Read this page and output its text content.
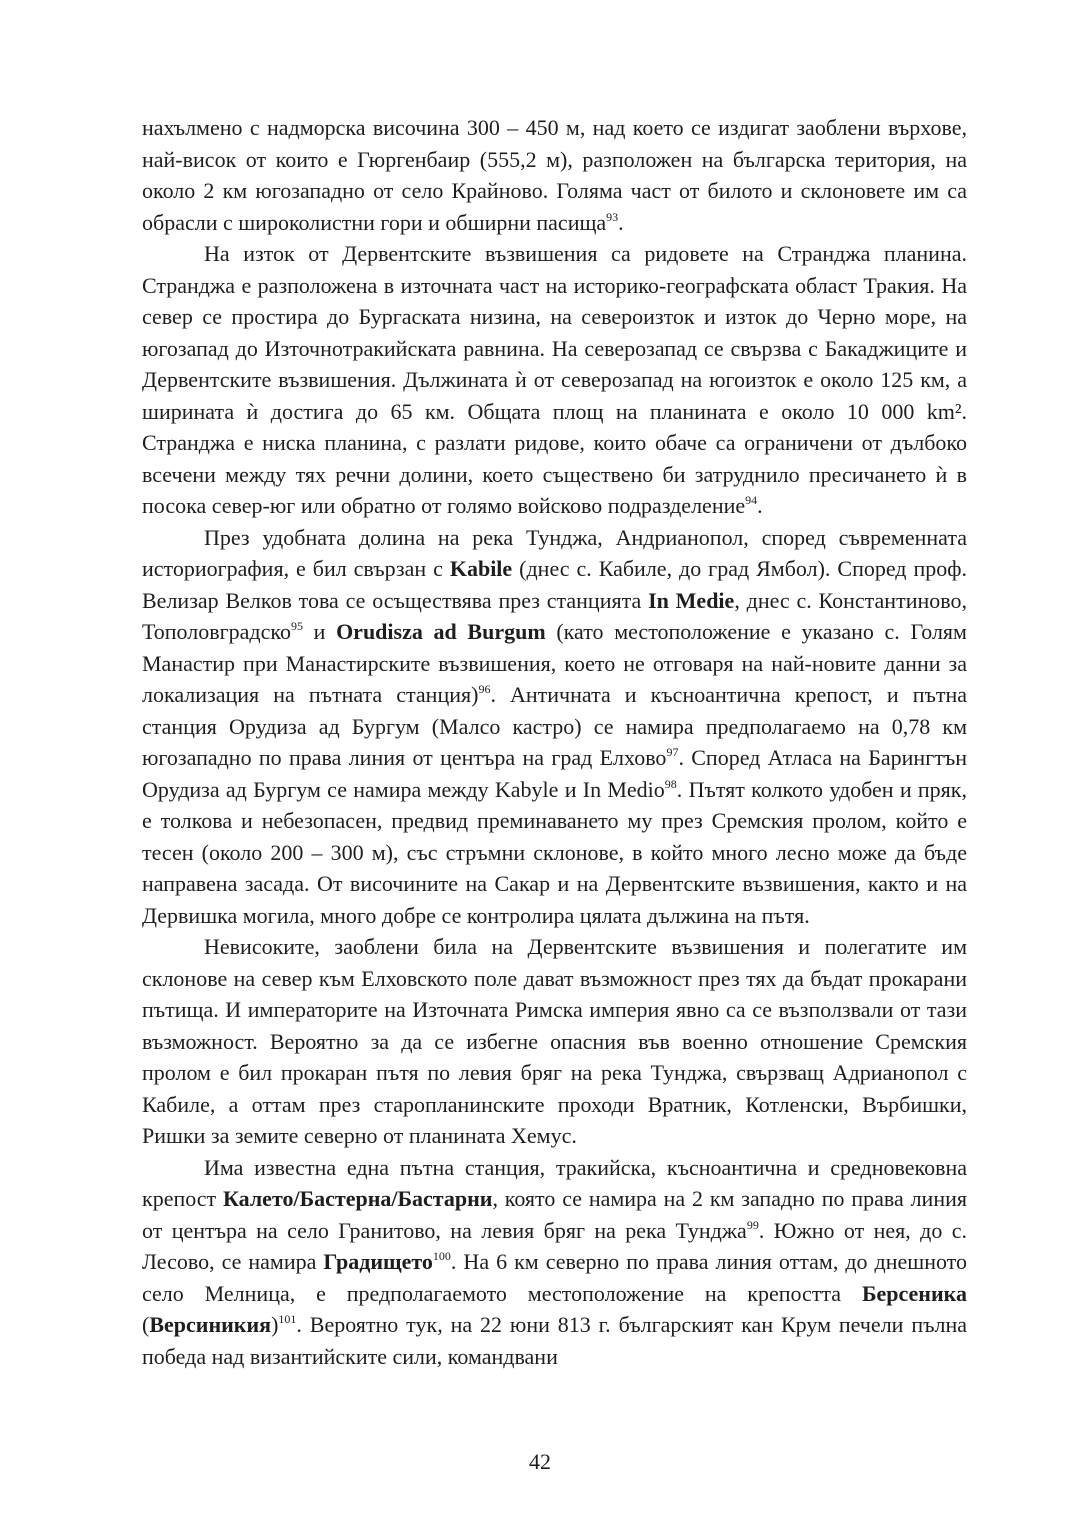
нахълмено с надморска височина 300 – 450 м, над което се издигат заоблени върхове, най-висок от които е Гюргенбаир (555,2 м), разположен на българска територия, на около 2 км югозападно от село Крайново. Голяма част от билото и склоновете им са обрасли с широколистни гори и обширни пасища$^{93}$.

На изток от Дервентските възвишения са ридовете на Странджа планина. Странджа е разположена в източната част на историко-географската област Тракия. На север се простира до Бургаската низина, на североизток и изток до Черно море, на югозапад до Източнотракийската равнина. На северозапад се свързва с Бакаджиците и Дервентските възвишения. Дължината ѝ от северозапад на югоизток е около 125 км, а ширината ѝ достига до 65 км. Общата площ на планината е около 10 000 km². Странджа е ниска планина, с разлати ридове, които обаче са ограничени от дълбоко всечени между тях речни долини, което съществено би затруднило пресичането ѝ в посока север-юг или обратно от голямо войсково подразделение$^{94}$.

През удобната долина на река Тунджа, Андрианопол, според съвременната историография, е бил свързан с Kabile (днес с. Кабиле, до град Ямбол). Според проф. Велизар Велков това се осъществява през станцията In Medie, днес с. Константиново, Тополовградско$^{95}$ и Orudisza ad Burgum (като местоположение е указано с. Голям Манастир при Манастирските възвишения, което не отговаря на най-новите данни за локализация на пътната станция)$^{96}$. Античната и късноантична крепост, и пътна станция Орудиза ад Бургум (Малсо кастро) се намира предполагаемо на 0,78 км югозападно по права линия от центъра на град Елхово$^{97}$. Според Атласа на Барингтън Орудиза ад Бургум се намира между Kabyle и In Medio$^{98}$. Пътят колкото удобен и пряк, е толкова и небезопасен, предвид преминаването му през Сремския пролом, който е тесен (около 200 – 300 м), със стръмни склонове, в който много лесно може да бъде направена засада. От височините на Сакар и на Дервентските възвишения, както и на Дервишка могила, много добре се контролира цялата дължина на пътя.

Невисоките, заоблени била на Дервентските възвишения и полегатите им склонове на север към Елховското поле дават възможност през тях да бъдат прокарани пътища. И императорите на Източната Римска империя явно са се възползвали от тази възможност. Вероятно за да се избегне опасния във военно отношение Сремския пролом е бил прокаран пътя по левия бряг на река Тунджа, свързващ Адрианопол с Кабиле, а оттам през старопланинските проходи Вратник, Котленски, Върбишки, Ришки за земите северно от планината Хемус.

Има известна една пътна станция, тракийска, късноантична и средновековна крепост Калето/Бастерна/Бастарни, която се намира на 2 км западно по права линия от центъра на село Гранитово, на левия бряг на река Тунджа$^{99}$. Южно от нея, до с. Лесово, се намира Градището$^{100}$. На 6 км северно по права линия оттам, до днешното село Мелница, е предполагаемото местоположение на крепостта Берсеника (Версиникия)$^{101}$. Вероятно тук, на 22 юни 813 г. българският кан Крум печели пълна победа над византийските сили, командвани

42
